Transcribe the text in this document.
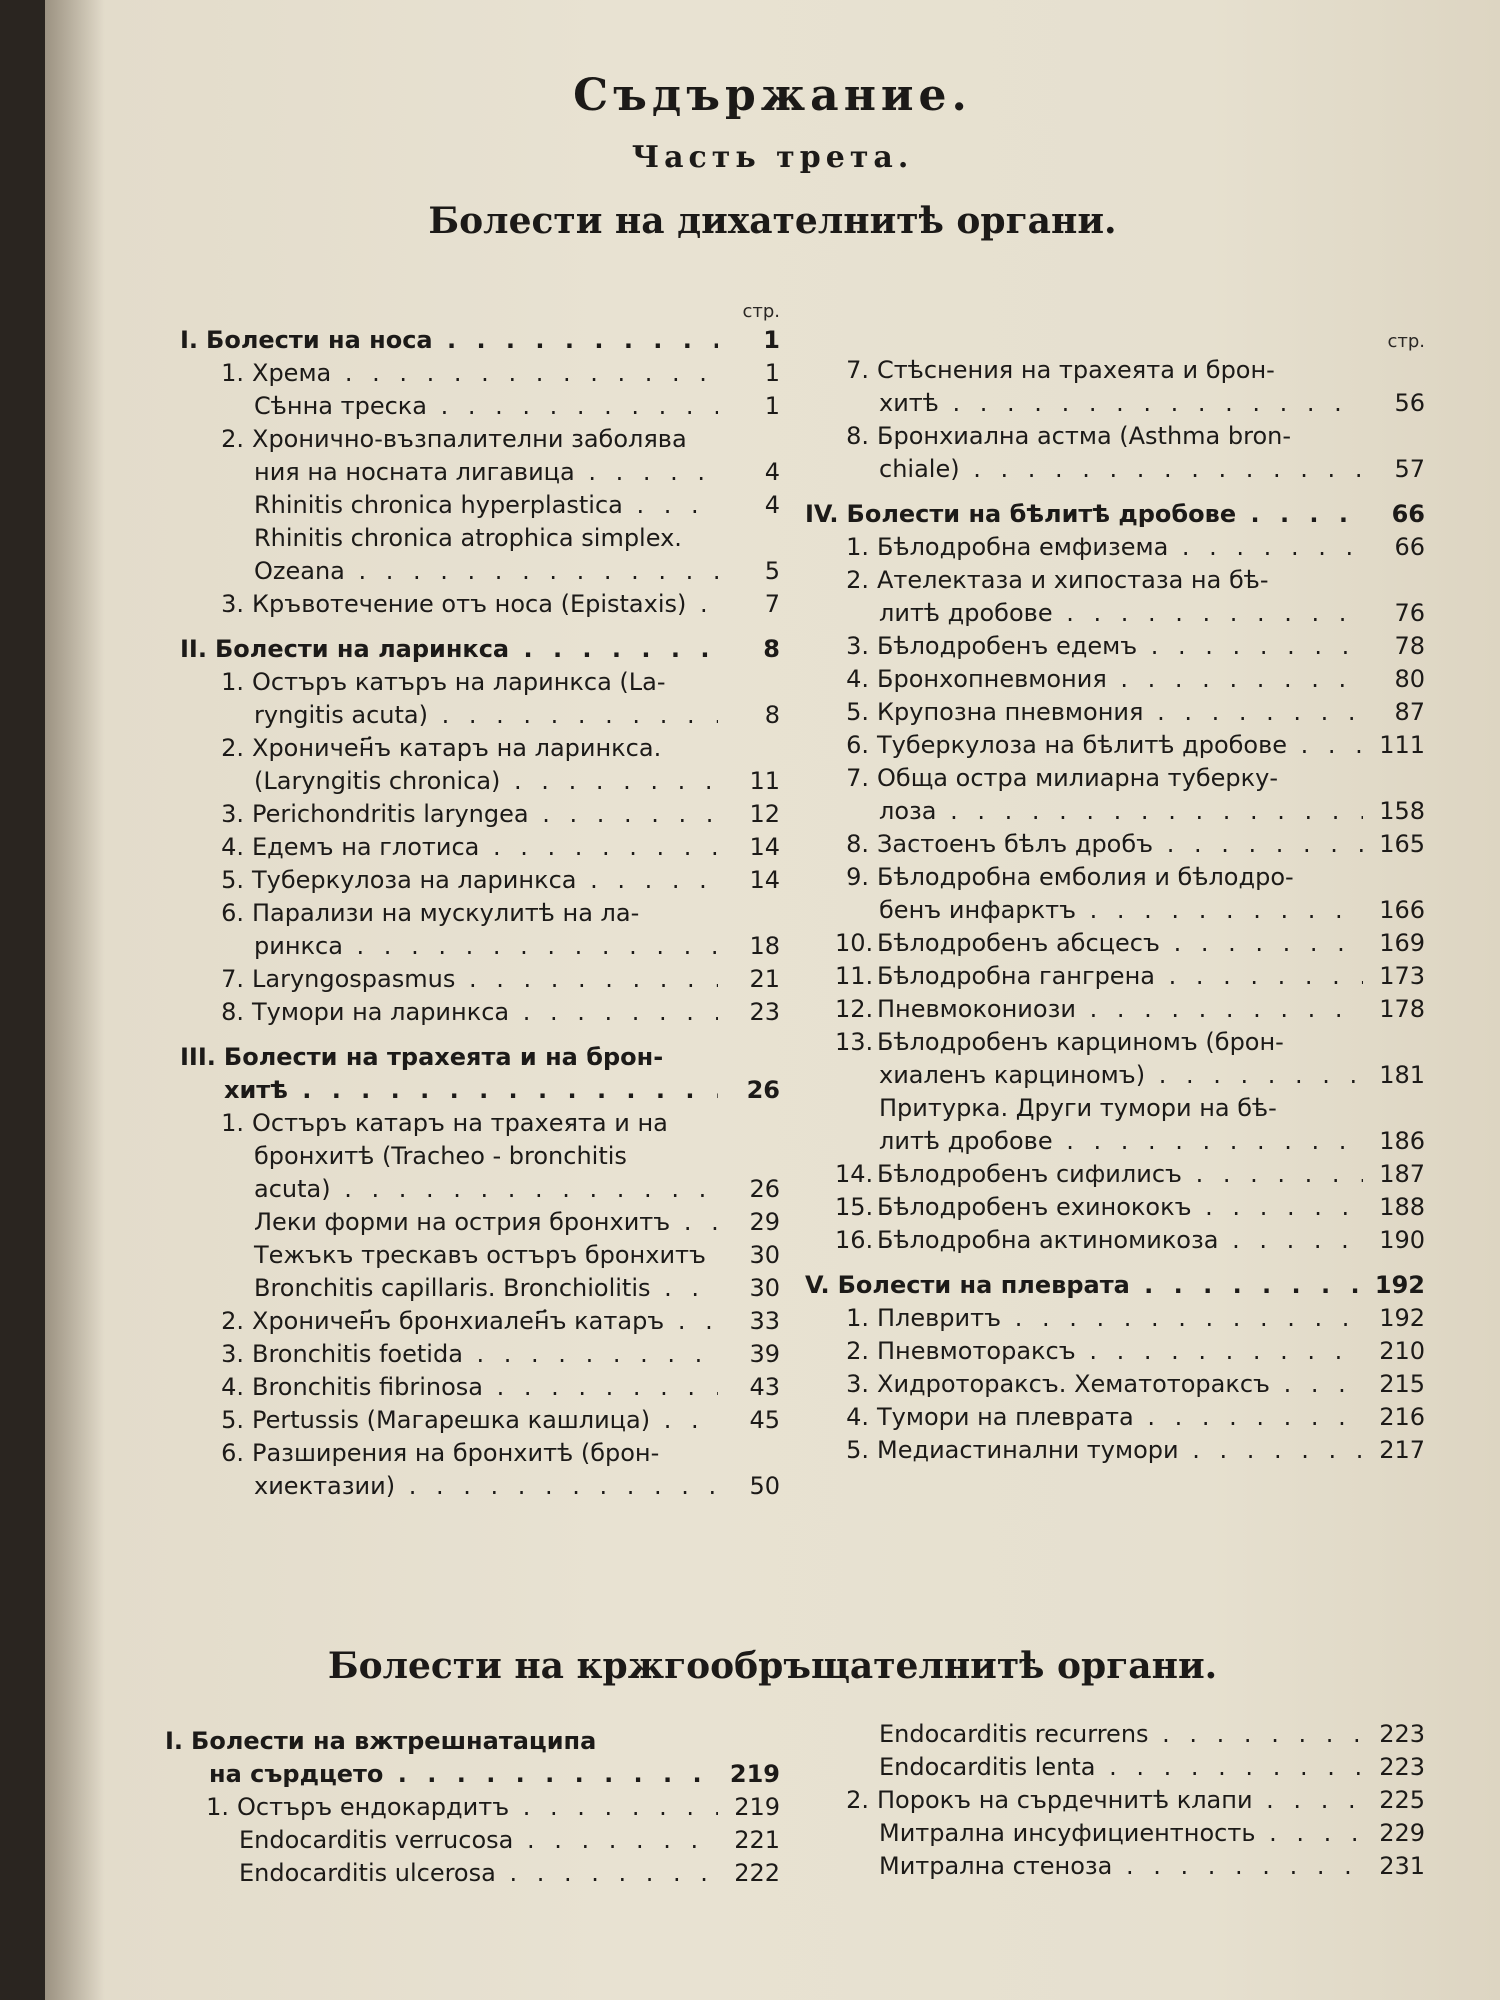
Съдържание.
Часть трета.
Болести на дихателнитѣ органи.
стр.
I. Болести на носа . . .	1
1. Хрема . . .	1
Сѣнна треска . . .	1
2. Хронично-възпалителни заболява
ния на носната лигавица . . .	4
Rhinitis chronica hyperplastica . . .	4
Rhinitis chronica atrophica simplex.
Ozeana . . .	5
3. Кръвотечение отъ носа (Epistaxis) . . .	7
II. Болести на ларинкса . . .	8
1. Остъръ катъръ на ларинкса (La-
ryngitis acuta) . . .	8
2. Хроничен҃ъ катаръ на ларинкса.
(Laryngitis chronica) . . .	11
3. Perichondritis laryngea . . .	12
4. Едемъ на глотиса . . .	14
5. Туберкулоза на ларинкса . . .	14
6. Парализи на мускулитѣ на ла-
ринкса . . .	18
7. Laryngospasmus . . .	21
8. Тумори на ларинкса . . .	23
III. Болести на трахеята и на брон-
хитѣ . . .	26
1. Остъръ катаръ на трахеята и на
бронхитѣ (Tracheo - bronchitis
acuta) . . .	26
Леки форми на острия бронхитъ . . .	29
Тежъкъ трескавъ остъръ бронхитъ . . .	30
Bronchitis capillaris. Bronchiolitis . . .	30
2. Хроничен҃ъ бронхиален҃ъ катаръ . . .	33
3. Bronchitis foetida . . .	39
4. Bronchitis fibrinosa . . .	43
5. Pertussis (Магарешка кашлица) . . .	45
6. Разширения на бронхитѣ (брон-
хиектазии) . . .	50
стр.
7. Стѣснения на трахеята и брон-
хитѣ . . .	56
8. Бронхиална астма (Asthma bron-
chiale) . . .	57
IV. Болести на бѣлитѣ дробове . . .	66
1. Бѣлодробна емфизема . . .	66
2. Ателектаза и хипостаза на бѣ-
литѣ дробове . . .	76
3. Бѣлодробенъ едемъ . . .	78
4. Бронхопневмония . . .	80
5. Крупозна пневмония . . .	87
6. Туберкулоза на бѣлитѣ дробове . . .	111
7. Обща остра милиарна туберку-
лоза . . .	158
8. Застоенъ бѣлъ дробъ . . .	165
9. Бѣлодробна емболия и бѣлодро-
бенъ инфарктъ . . .	166
10. Бѣлодробенъ абсцесъ . . .	169
11. Бѣлодробна гангрена . . .	173
12. Пневмокониози . . .	178
13. Бѣлодробенъ карциномъ (брон-
хиаленъ карциномъ) . . .	181
Притурка. Други тумори на бѣ-
литѣ дробове . . .	186
14. Бѣлодробенъ сифилисъ . . .	187
15. Бѣлодробенъ ехинококъ . . .	188
16. Бѣлодробна актиномикоза . . .	190
V. Болести на плеврата . . .	192
1. Плевритъ . . .	192
2. Пневмотораксъ . . .	210
3. Хидротораксъ. Хематотораксъ . . .	215
4. Тумори на плеврата . . .	216
5. Медиастинални тумори . . .	217
Болести на кржгообръщателнитѣ органи.
I. Болести на вжтрешнатаципа
на сърдцето . . .	219
1. Остъръ ендокардитъ . . .	219
Endocarditis verrucosa . . .	221
Endocarditis ulcerosa . . .	222
Endocarditis recurrens . . .	223
Endocarditis lenta . . .	223
2. Порокъ на сърдечнитѣ клапи . . .	225
Митрална инсуфициентность . . .	229
Митрална стеноза . . .	231
